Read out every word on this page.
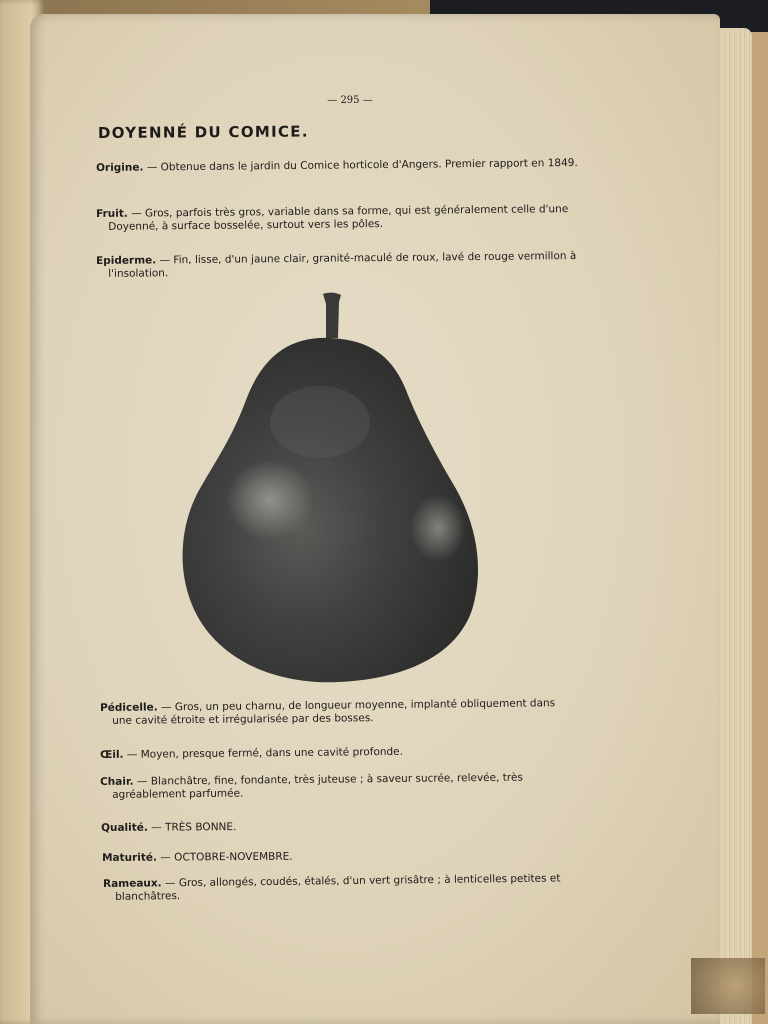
— 295 —
DOYENNÉ DU COMICE.

Origine. — Obtenue dans le jardin du Comice horticole d'Angers. Premier rapport en 1849.

Fruit. — Gros, parfois très gros, variable dans sa forme, qui est généralement celle d'une Doyenné, à surface bosselée, surtout vers les pôles.

Epiderme. — Fin, lisse, d'un jaune clair, granité-maculé de roux, lavé de rouge vermillon à l'insolation.

Pédicelle. — Gros, un peu charnu, de longueur moyenne, implanté obliquement dans une cavité étroite et irrégularisée par des bosses.

Œil. — Moyen, presque fermé, dans une cavité profonde.

Chair. — Blanchâtre, fine, fondante, très juteuse ; à saveur sucrée, relevée, très agréablement parfumée.

Qualité. — TRÈS BONNE.

Maturité. — OCTOBRE-NOVEMBRE.

Rameaux. — Gros, allongés, coudés, étalés, d'un vert grisâtre ; à lenticelles petites et blanchâtres.
